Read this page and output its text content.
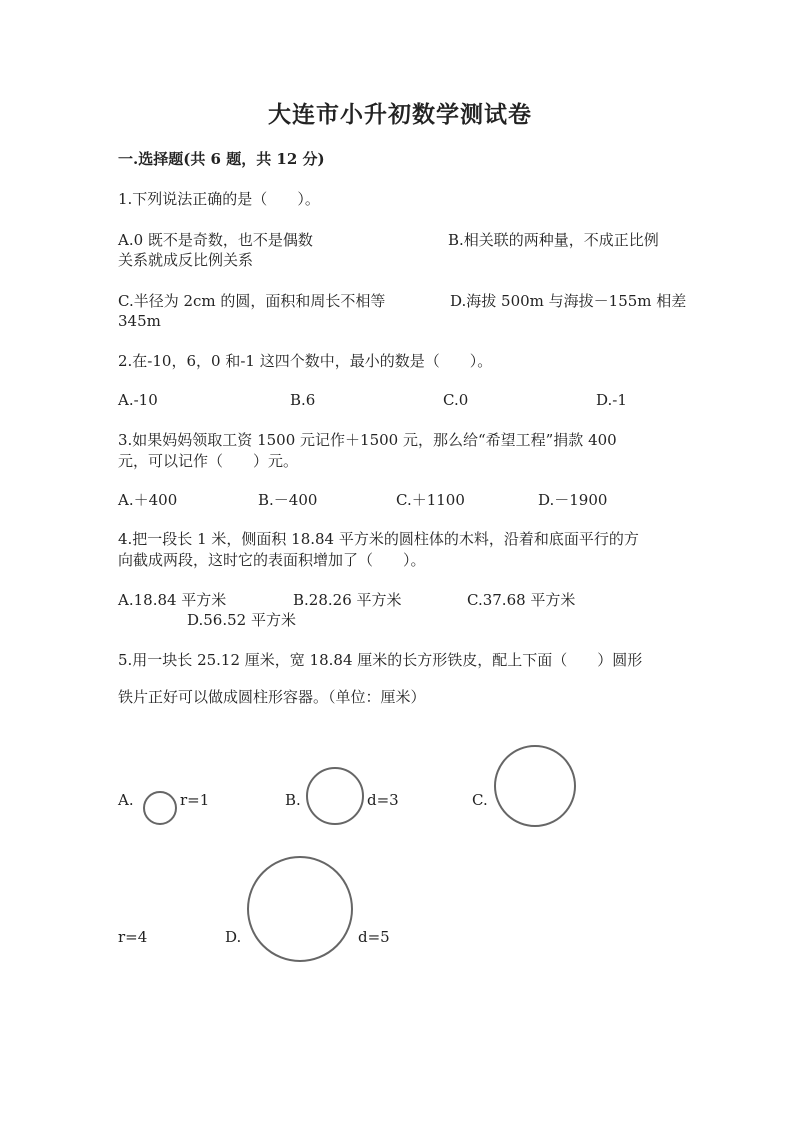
大连市小升初数学测试卷
一.选择题(共 6 题，共 12 分)
1.下列说法正确的是（　　）。
A.0 既不是奇数，也不是偶数	B.相关联的两种量，不成正比例
关系就成反比例关系
C.半径为 2cm 的圆，面积和周长不相等	D.海拔 500m 与海拔－155m 相差
345m
2.在-10，6，0 和-1 这四个数中，最小的数是（　　）。
A.-10	B.6	C.0	D.-1
3.如果妈妈领取工资 1500 元记作＋1500 元，那么给“希望工程”捐款 400
元，可以记作（　　）元。
A.＋400	B.－400	C.＋1100	D.－1900
4.把一段长 1 米，侧面积 18.84 平方米的圆柱体的木料，沿着和底面平行的方
向截成两段，这时它的表面积增加了（　　）。
A.18.84 平方米	B.28.26 平方米	C.37.68 平方米
D.56.52 平方米
5.用一块长 25.12 厘米，宽 18.84 厘米的长方形铁皮，配上下面（　　）圆形
铁片正好可以做成圆柱形容器。（单位：厘米）
A.	r=1	B.	d=3	C.
r=4	D.	d=5
